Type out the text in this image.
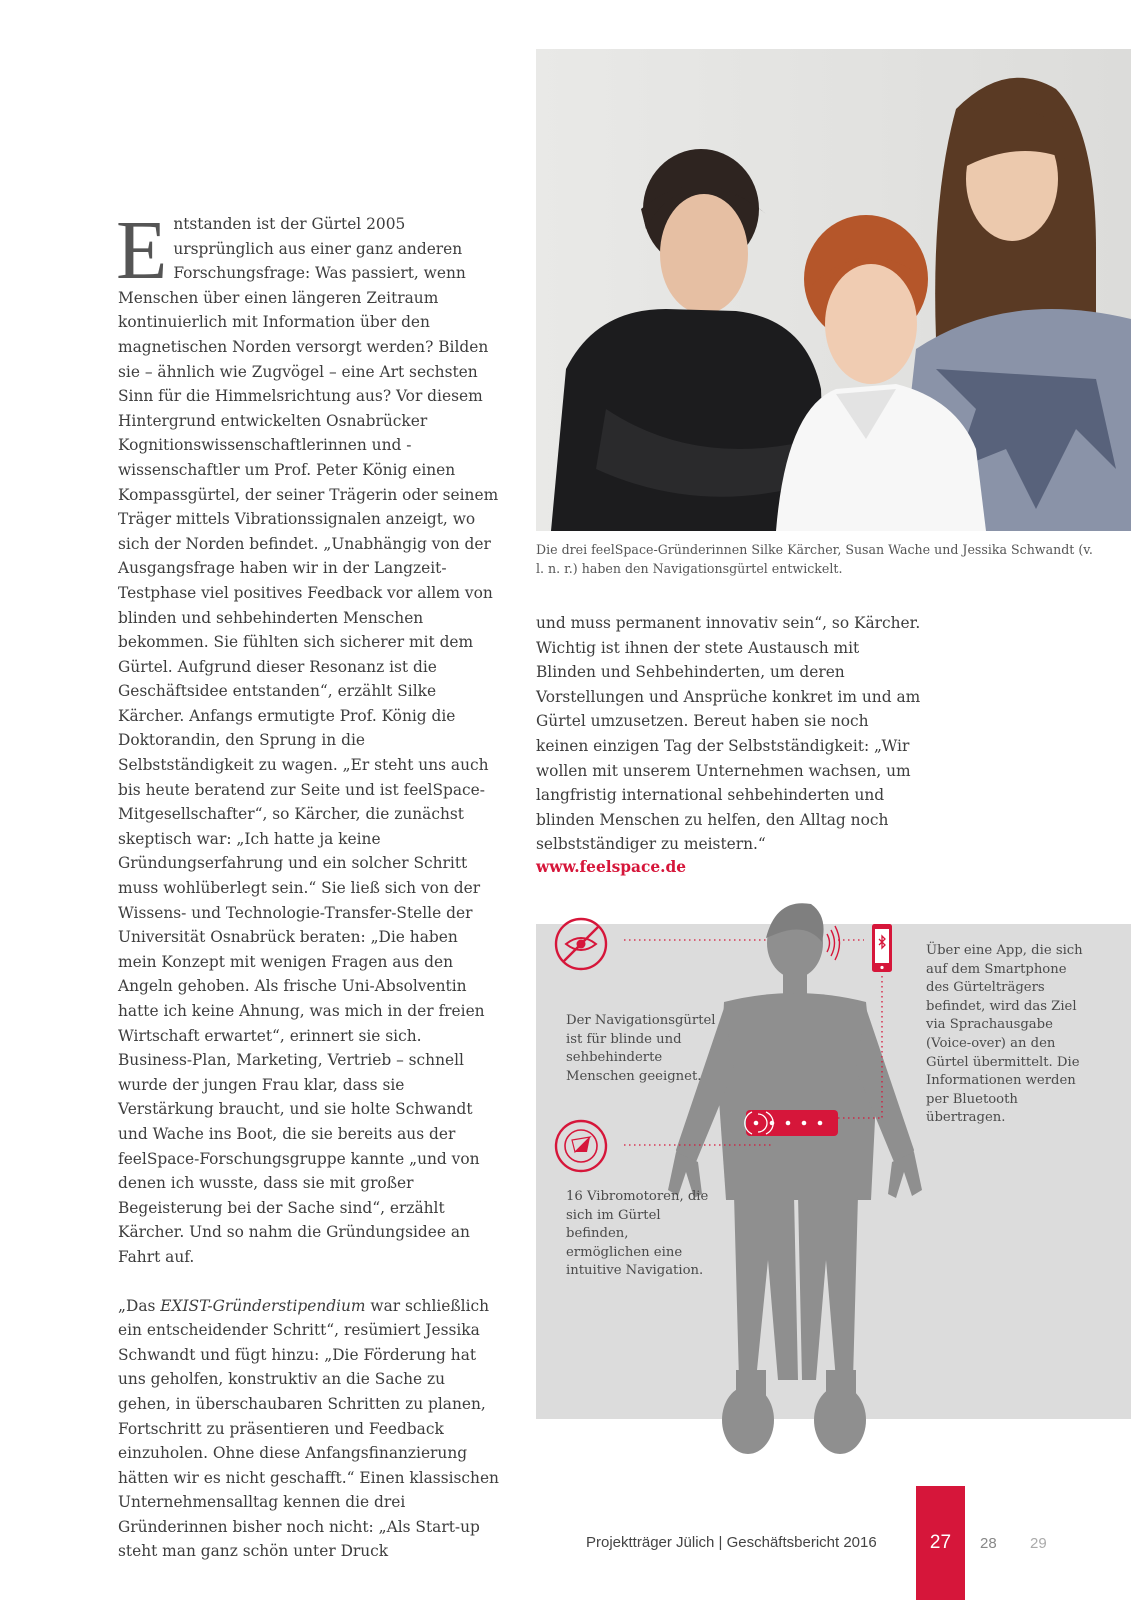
Entstanden ist der Gürtel 2005 ursprünglich aus einer ganz anderen Forschungsfrage: Was passiert, wenn Menschen über einen längeren Zeitraum kontinuierlich mit Information über den magnetischen Norden versorgt werden? Bilden sie – ähnlich wie Zugvögel – eine Art sechsten Sinn für die Himmelsrichtung aus? Vor diesem Hintergrund entwickelten Osnabrücker Kognitionswissenschaftlerinnen und -wissenschaftler um Prof. Peter König einen Kompassgürtel, der seiner Trägerin oder seinem Träger mittels Vibrationssignalen anzeigt, wo sich der Norden befindet. „Unabhängig von der Ausgangsfrage haben wir in der Langzeit-Testphase viel positives Feedback vor allem von blinden und sehbehinderten Menschen bekommen. Sie fühlten sich sicherer mit dem Gürtel. Aufgrund dieser Resonanz ist die Geschäftsidee entstanden“, erzählt Silke Kärcher. Anfangs ermutigte Prof. König die Doktorandin, den Sprung in die Selbstständigkeit zu wagen. „Er steht uns auch bis heute beratend zur Seite und ist feelSpace-Mitgesellschafter“, so Kärcher, die zunächst skeptisch war: „Ich hatte ja keine Gründungserfahrung und ein solcher Schritt muss wohlüberlegt sein.“ Sie ließ sich von der Wissens- und Technologie-Transfer-Stelle der Universität Osnabrück beraten: „Die haben mein Konzept mit wenigen Fragen aus den Angeln gehoben. Als frische Uni-Absolventin hatte ich keine Ahnung, was mich in der freien Wirtschaft erwartet“, erinnert sie sich. Business-Plan, Marketing, Vertrieb – schnell wurde der jungen Frau klar, dass sie Verstärkung braucht, und sie holte Schwandt und Wache ins Boot, die sie bereits aus der feelSpace-Forschungsgruppe kannte „und von denen ich wusste, dass sie mit großer Begeisterung bei der Sache sind“, erzählt Kärcher. Und so nahm die Gründungsidee an Fahrt auf.

„Das EXIST-Gründerstipendium war schließlich ein entscheidender Schritt“, resümiert Jessika Schwandt und fügt hinzu: „Die Förderung hat uns geholfen, konstruktiv an die Sache zu gehen, in überschaubaren Schritten zu planen, Fortschritt zu präsentieren und Feedback einzuholen. Ohne diese Anfangsfinanzierung hätten wir es nicht geschafft.“ Einen klassischen Unternehmensalltag kennen die drei Gründerinnen bisher noch nicht: „Als Start-up steht man ganz schön unter Druck

Die drei feelSpace-Gründerinnen Silke Kärcher, Susan Wache und Jessika Schwandt (v. l. n. r.) haben den Navigationsgürtel entwickelt.

und muss permanent innovativ sein“, so Kärcher. Wichtig ist ihnen der stete Austausch mit Blinden und Sehbehinderten, um deren Vorstellungen und Ansprüche konkret im und am Gürtel umzusetzen. Bereut haben sie noch keinen einzigen Tag der Selbstständigkeit: „Wir wollen mit unserem Unternehmen wachsen, um langfristig international sehbehinderten und blinden Menschen zu helfen, den Alltag noch selbstständiger zu meistern.“

www.feelspace.de
Der Navigationsgürtel ist für blinde und sehbehinderte Menschen geeignet.
16 Vibromotoren, die sich im Gürtel befinden, ermöglichen eine intuitive Navigation.
Über eine App, die sich auf dem Smartphone des Gürtelträgers befindet, wird das Ziel via Sprachausgabe (Voice-over) an den Gürtel übermittelt. Die Informationen werden per Bluetooth übertragen.
Projektträger Jülich | Geschäftsbericht 2016	27	28 29
